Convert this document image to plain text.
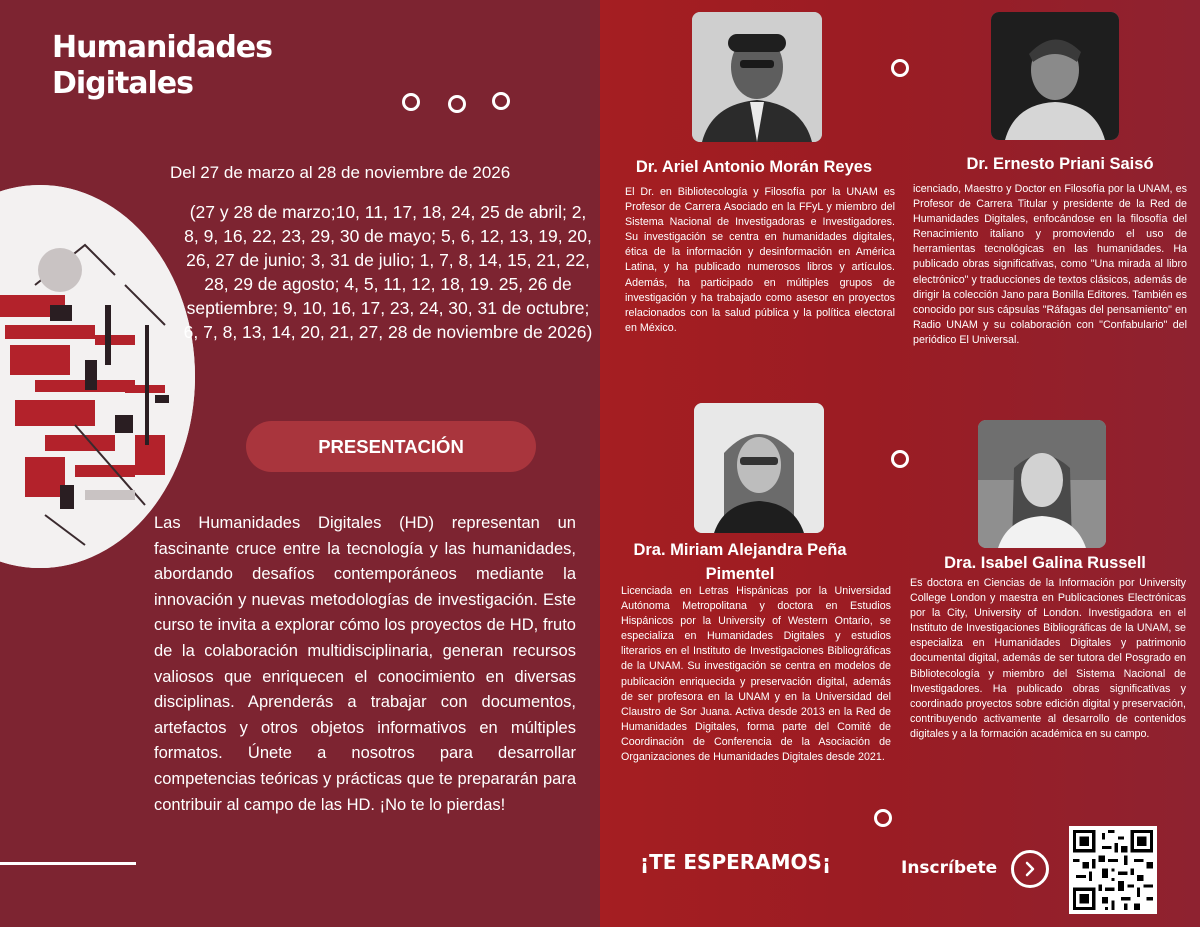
Humanidades
Digitales
Del 27 de marzo al 28 de noviembre de 2026
(27 y 28 de marzo;10, 11, 17, 18, 24, 25 de abril; 2, 8, 9, 16, 22, 23, 29, 30 de mayo; 5, 6, 12, 13, 19, 20, 26, 27 de junio; 3, 31 de julio; 1, 7, 8, 14, 15, 21, 22, 28, 29 de agosto; 4, 5, 11, 12, 18, 19. 25, 26 de septiembre; 9, 10, 16, 17, 23, 24, 30, 31 de octubre; 6, 7, 8, 13, 14, 20, 21, 27, 28 de noviembre de 2026)
PRESENTACIÓN

Las Humanidades Digitales (HD) representan un fascinante cruce entre la tecnología y las humanidades, abordando desafíos contemporáneos mediante la innovación y nuevas metodologías de investigación. Este curso te invita a explorar cómo los proyectos de HD, fruto de la colaboración multidisciplinaria, generan recursos valiosos que enriquecen el conocimiento en diversas disciplinas. Aprenderás a trabajar con documentos, artefactos y otros objetos informativos en múltiples formatos. Únete a nosotros para desarrollar competencias teóricas y prácticas que te prepararán para contribuir al campo de las HD. ¡No te lo pierdas!

Dr. Ariel Antonio Morán Reyes

El Dr. en Bibliotecología y Filosofía por la UNAM es Profesor de Carrera Asociado en la FFyL y miembro del Sistema Nacional de Investigadoras e Investigadores. Su investigación se centra en humanidades digitales, ética de la información y desinformación en América Latina, y ha publicado numerosos libros y artículos. Además, ha participado en múltiples grupos de investigación y ha trabajado como asesor en proyectos relacionados con la salud pública y la política electoral en México.

Dr. Ernesto Priani Saisó

icenciado, Maestro y Doctor en Filosofía por la UNAM, es Profesor de Carrera Titular y presidente de la Red de Humanidades Digitales, enfocándose en la filosofía del Renacimiento italiano y promoviendo el uso de herramientas tecnológicas en las humanidades. Ha publicado obras significativas, como "Una mirada al libro electrónico" y traducciones de textos clásicos, además de dirigir la colección Jano para Bonilla Editores. También es conocido por sus cápsulas "Ráfagas del pensamiento" en Radio UNAM y su colaboración con "Confabulario" del periódico El Universal.

Dra. Miriam Alejandra Peña Pimentel

Licenciada en Letras Hispánicas por la Universidad Autónoma Metropolitana y doctora en Estudios Hispánicos por la University of Western Ontario, se especializa en Humanidades Digitales y estudios literarios en el Instituto de Investigaciones Bibliográficas de la UNAM. Su investigación se centra en modelos de publicación enriquecida y preservación digital, además de ser profesora en la UNAM y en la Universidad del Claustro de Sor Juana. Activa desde 2013 en la Red de Humanidades Digitales, forma parte del Comité de Coordinación de Conferencia de la Asociación de Organizaciones de Humanidades Digitales desde 2021.

Dra. Isabel Galina Russell

Es doctora en Ciencias de la Información por University College London y maestra en Publicaciones Electrónicas por la City, University of London. Investigadora en el Instituto de Investigaciones Bibliográficas de la UNAM, se especializa en Humanidades Digitales y patrimonio documental digital, además de ser tutora del Posgrado en Bibliotecología y miembro del Sistema Nacional de Investigadores. Ha publicado obras significativas y coordinado proyectos sobre edición digital y preservación, contribuyendo activamente al desarrollo de contenidos digitales y a la formación académica en su campo.

¡TE ESPERAMOS¡	Inscríbete
